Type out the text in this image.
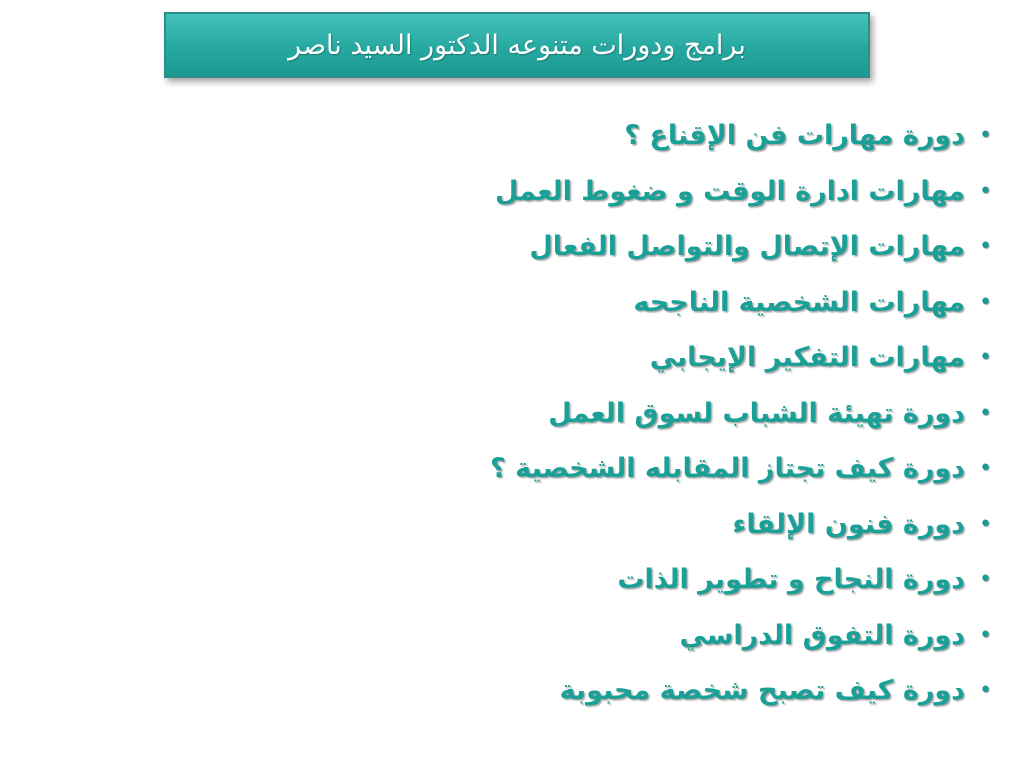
برامج ودورات متنوعه الدكتور السيد ناصر
•
دورة مهارات فن الإقناع ؟
•
مهارات ادارة الوقت و ضغوط العمل
•
مهارات الإتصال والتواصل الفعال
•
مهارات الشخصية الناجحه
•
مهارات التفكير الإيجابي
•
دورة تهيئة الشباب لسوق العمل
•
دورة كيف تجتاز المقابله الشخصية ؟
•
دورة فنون الإلقاء
•
دورة النجاح و تطوير الذات
•
دورة التفوق الدراسي
•
دورة كيف تصبح شخصة محبوبة
